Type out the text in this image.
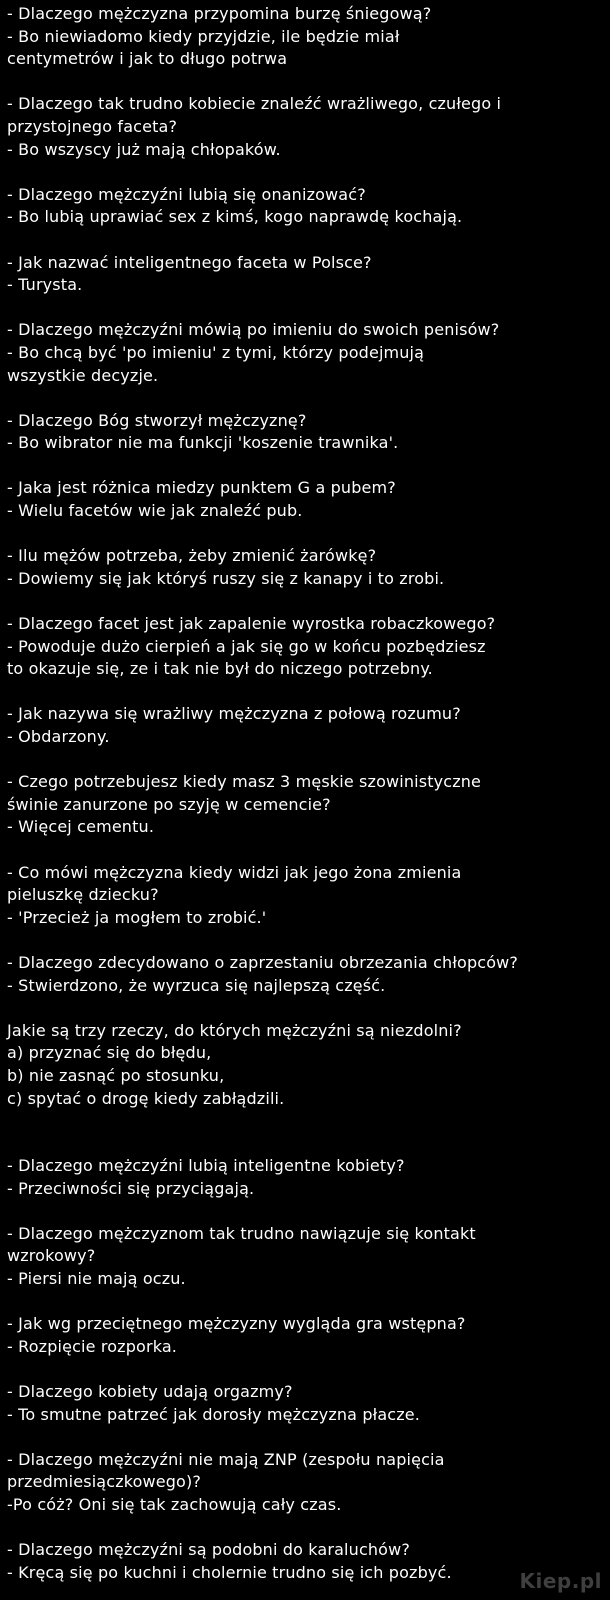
- Dlaczego mężczyzna przypomina burzę śniegową?
- Bo niewiadomo kiedy przyjdzie, ile będzie miał
centymetrów i jak to długo potrwa
- Dlaczego tak trudno kobiecie znaleźć wrażliwego, czułego i
przystojnego faceta?
- Bo wszyscy już mają chłopaków.
- Dlaczego mężczyźni lubią się onanizować?
- Bo lubią uprawiać sex z kimś, kogo naprawdę kochają.
- Jak nazwać inteligentnego faceta w Polsce?
- Turysta.
- Dlaczego mężczyźni mówią po imieniu do swoich penisów?
- Bo chcą być 'po imieniu' z tymi, którzy podejmują
wszystkie decyzje.
- Dlaczego Bóg stworzył mężczyznę?
- Bo wibrator nie ma funkcji 'koszenie trawnika'.
- Jaka jest różnica miedzy punktem G a pubem?
- Wielu facetów wie jak znaleźć pub.
- Ilu mężów potrzeba, żeby zmienić żarówkę?
- Dowiemy się jak któryś ruszy się z kanapy i to zrobi.
- Dlaczego facet jest jak zapalenie wyrostka robaczkowego?
- Powoduje dużo cierpień a jak się go w końcu pozbędziesz
to okazuje się, ze i tak nie był do niczego potrzebny.
- Jak nazywa się wrażliwy mężczyzna z połową rozumu?
- Obdarzony.
- Czego potrzebujesz kiedy masz 3 męskie szowinistyczne
świnie zanurzone po szyję w cemencie?
- Więcej cementu.
- Co mówi mężczyzna kiedy widzi jak jego żona zmienia
pieluszkę dziecku?
- 'Przecież ja mogłem to zrobić.'
- Dlaczego zdecydowano o zaprzestaniu obrzezania chłopców?
- Stwierdzono, że wyrzuca się najlepszą część.
Jakie są trzy rzeczy, do których mężczyźni są niezdolni?
a) przyznać się do błędu,
b) nie zasnąć po stosunku,
c) spytać o drogę kiedy zabłądzili.
- Dlaczego mężczyźni lubią inteligentne kobiety?
- Przeciwności się przyciągają.
- Dlaczego mężczyznom tak trudno nawiązuje się kontakt
wzrokowy?
- Piersi nie mają oczu.
- Jak wg przeciętnego mężczyzny wygląda gra wstępna?
- Rozpięcie rozporka.
- Dlaczego kobiety udają orgazmy?
- To smutne patrzeć jak dorosły mężczyzna płacze.
- Dlaczego mężczyźni nie mają ZNP (zespołu napięcia
przedmiesiączkowego)?
-Po cóż? Oni się tak zachowują cały czas.
- Dlaczego mężczyźni są podobni do karaluchów?
- Kręcą się po kuchni i cholernie trudno się ich pozbyć.	Kiep.pl
